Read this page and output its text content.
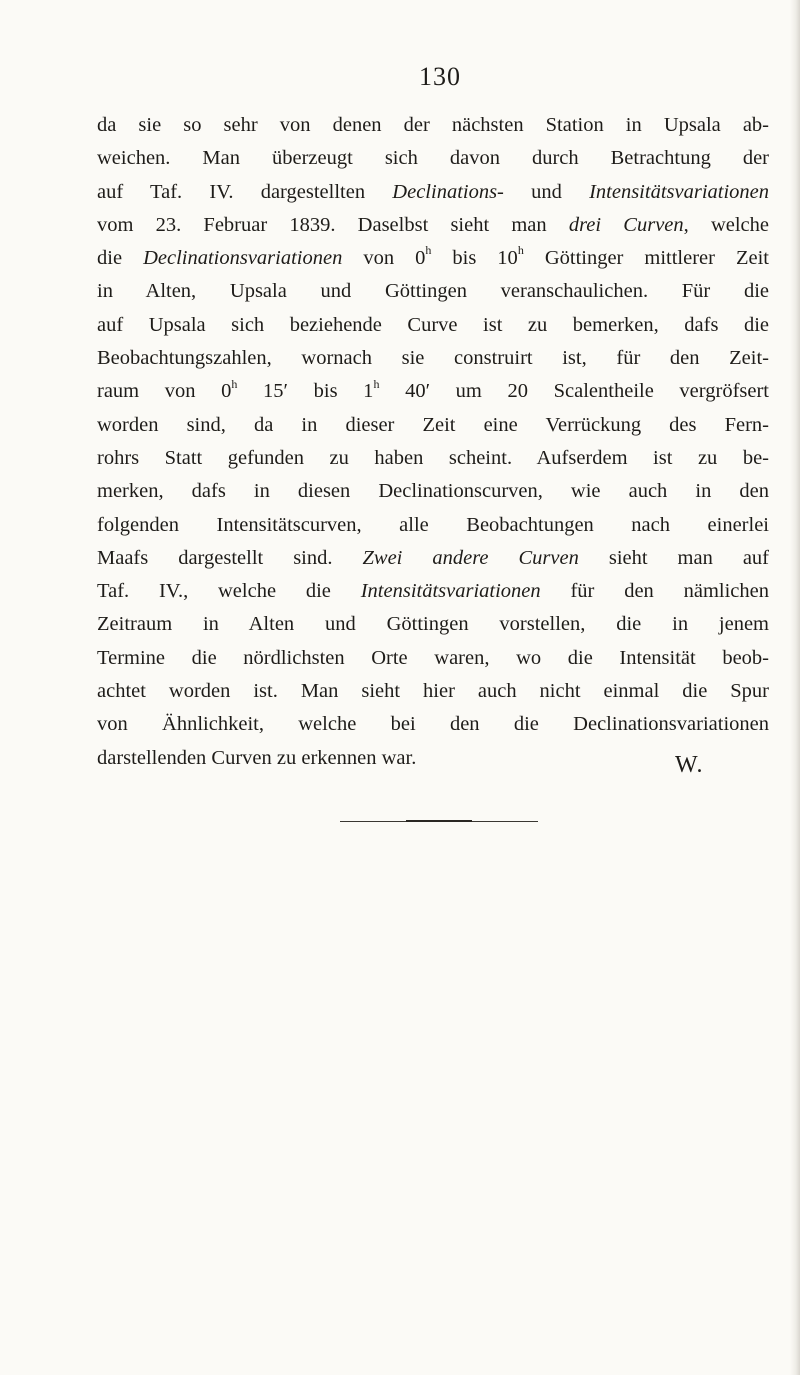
130
da sie so sehr von denen der nächsten Station in Upsala ab-
weichen. Man überzeugt sich davon durch Betrachtung der
auf Taf. IV. dargestellten Declinations- und Intensitätsvariationen
vom 23. Februar 1839. Daselbst sieht man drei Curven, welche
die Declinationsvariationen von 0$^h$ bis 10$^h$ Göttinger mittlerer Zeit
in Alten, Upsala und Göttingen veranschaulichen. Für die
auf Upsala sich beziehende Curve ist zu bemerken, dafs die
Beobachtungszahlen, wornach sie construirt ist, für den Zeit-
raum von 0$^h$ 15′ bis 1$^h$ 40′ um 20 Scalentheile vergröfsert
worden sind, da in dieser Zeit eine Verrückung des Fern-
rohrs Statt gefunden zu haben scheint. Aufserdem ist zu be-
merken, dafs in diesen Declinationscurven, wie auch in den
folgenden Intensitätscurven, alle Beobachtungen nach einerlei
Maafs dargestellt sind. Zwei andere Curven sieht man auf
Taf. IV., welche die Intensitätsvariationen für den nämlichen
Zeitraum in Alten und Göttingen vorstellen, die in jenem
Termine die nördlichsten Orte waren, wo die Intensität beob-
achtet worden ist. Man sieht hier auch nicht einmal die Spur
von Ähnlichkeit, welche bei den die Declinationsvariationen
darstellenden Curven zu erkennen war.	W.
